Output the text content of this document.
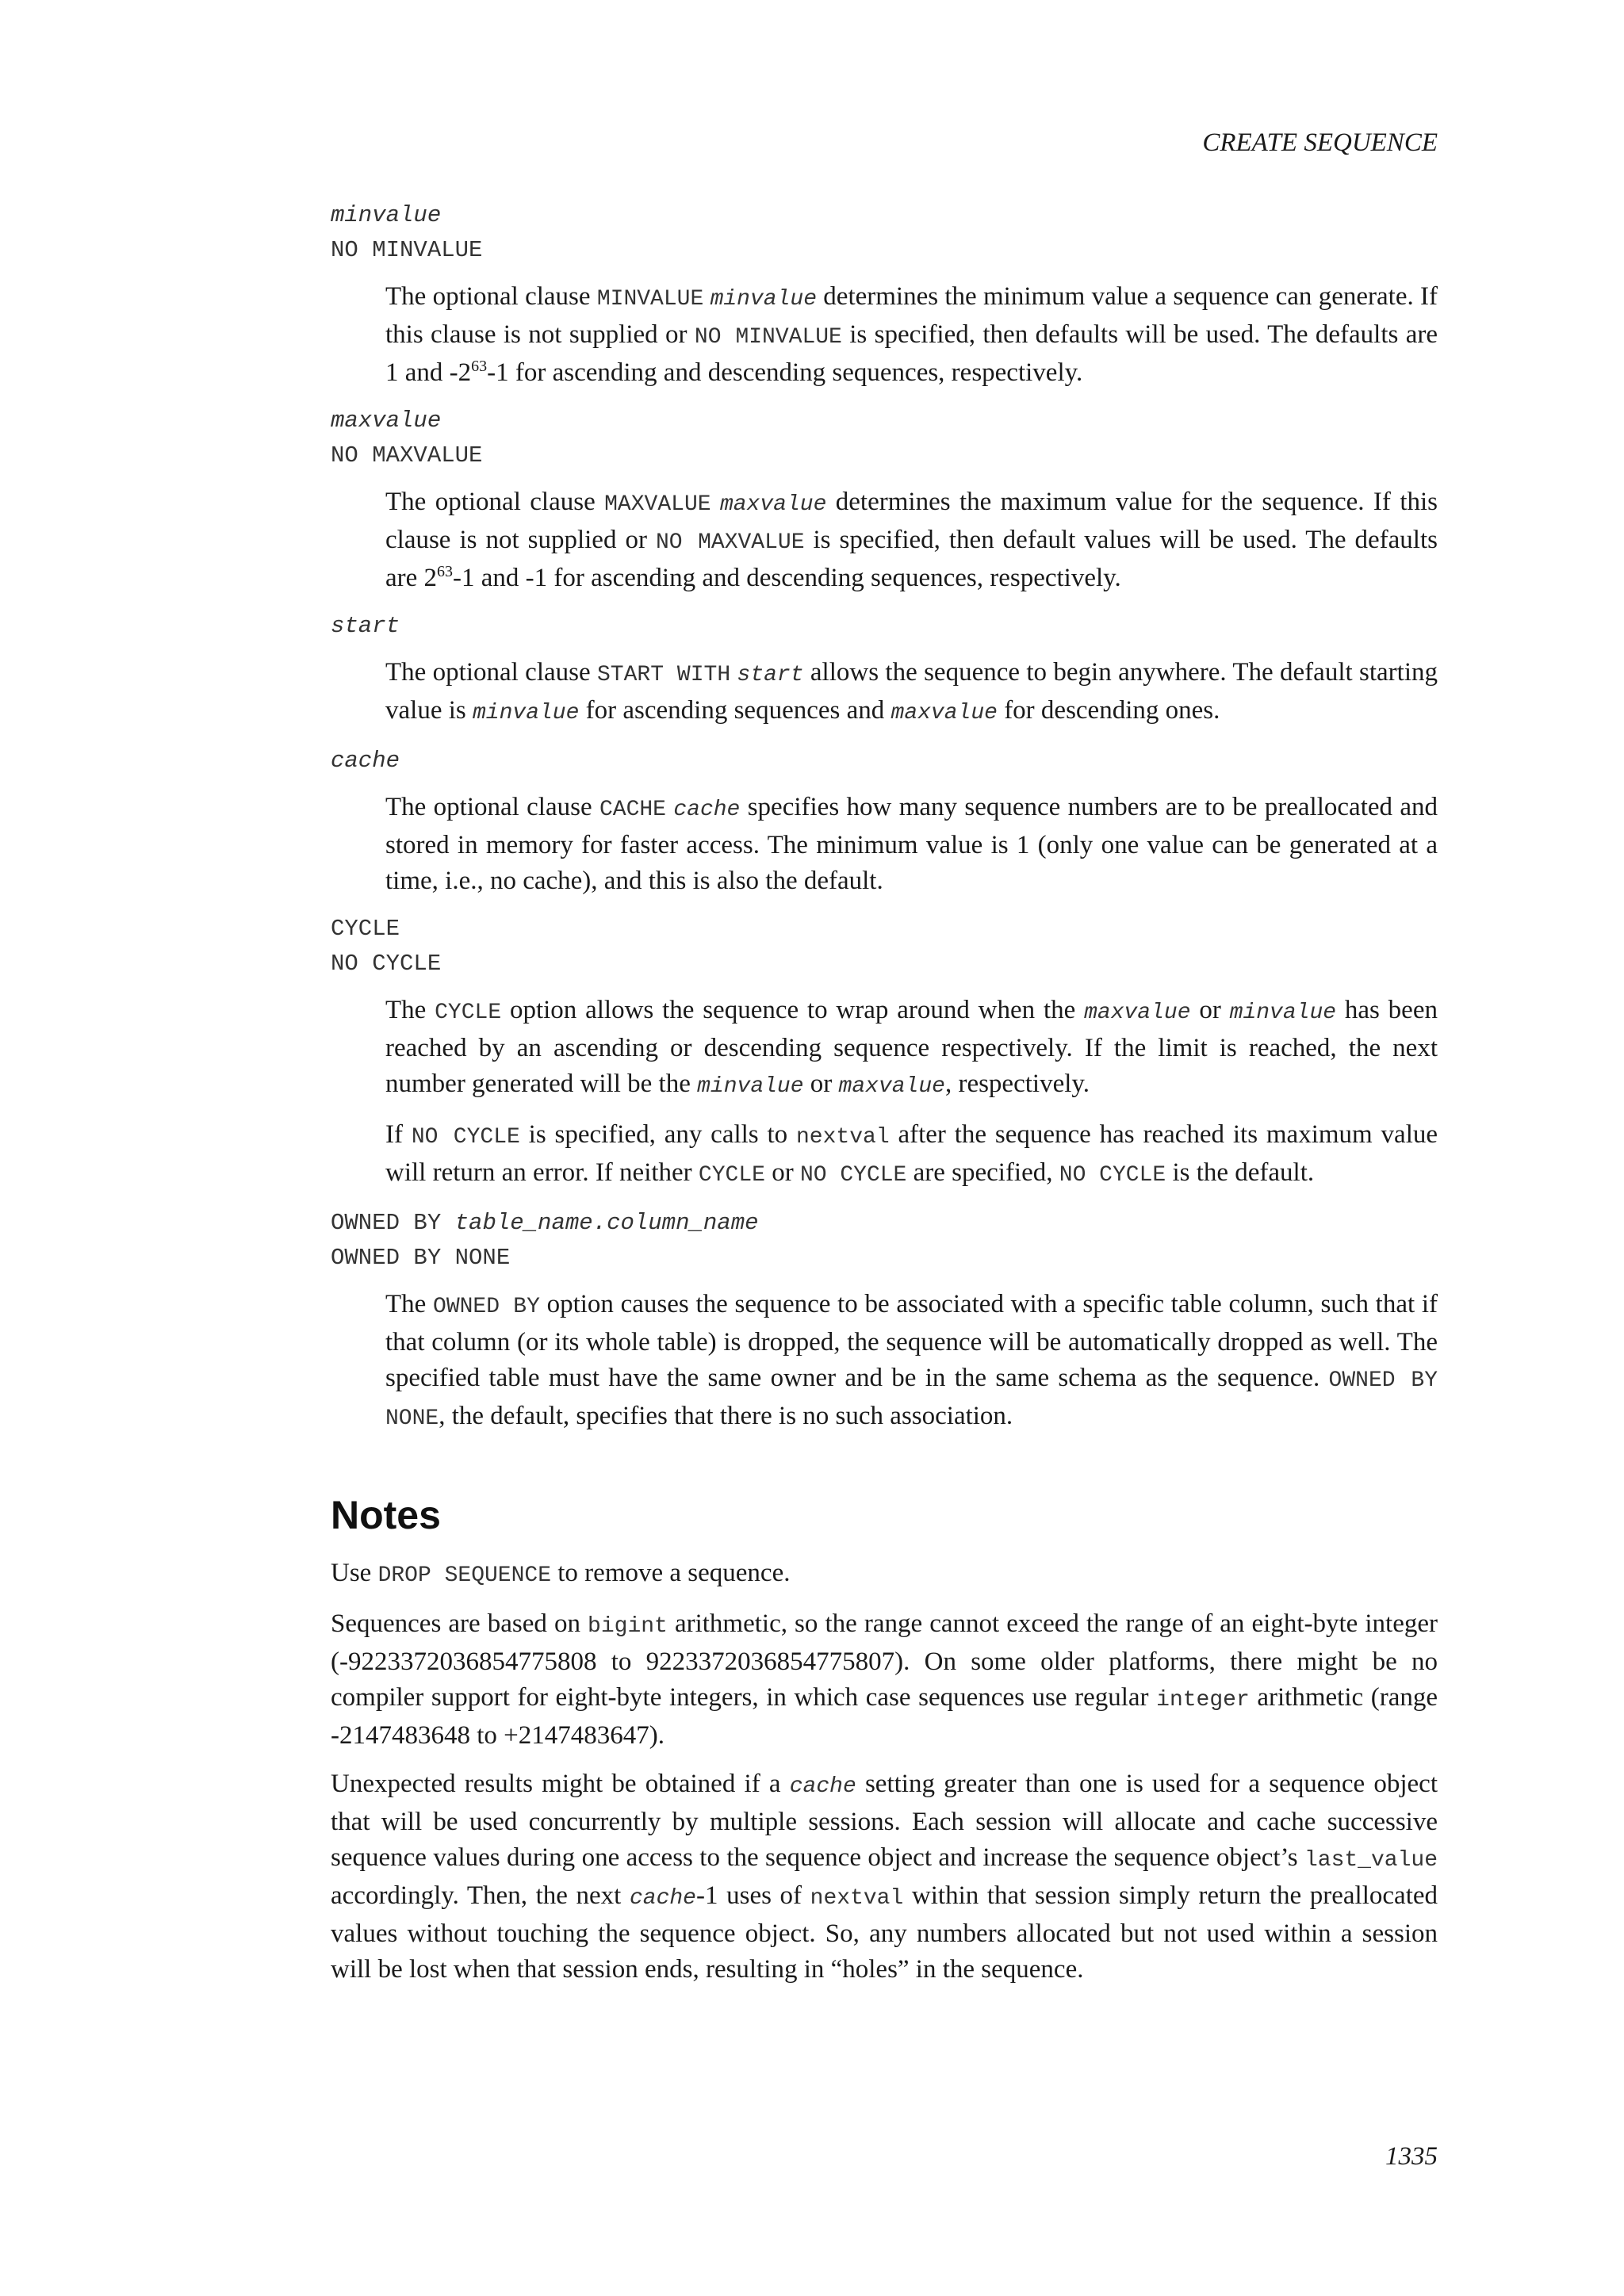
CREATE SEQUENCE

minvalue

NO MINVALUE

The optional clause MINVALUE minvalue determines the minimum value a sequence can generate. If this clause is not supplied or NO MINVALUE is specified, then defaults will be used. The defaults are 1 and $-2^{63}-1$ for ascending and descending sequences, respectively.

maxvalue

NO MAXVALUE

The optional clause MAXVALUE maxvalue determines the maximum value for the sequence. If this clause is not supplied or NO MAXVALUE is specified, then default values will be used. The defaults are $2^{63}-1$ and -1 for ascending and descending sequences, respectively.

start

The optional clause START WITH start allows the sequence to begin anywhere. The default starting value is minvalue for ascending sequences and maxvalue for descending ones.

cache

The optional clause CACHE cache specifies how many sequence numbers are to be preallocated and stored in memory for faster access. The minimum value is 1 (only one value can be generated at a time, i.e., no cache), and this is also the default.

CYCLE

NO CYCLE

The CYCLE option allows the sequence to wrap around when the maxvalue or minvalue has been reached by an ascending or descending sequence respectively. If the limit is reached, the next number generated will be the minvalue or maxvalue, respectively.

If NO CYCLE is specified, any calls to nextval after the sequence has reached its maximum value will return an error. If neither CYCLE or NO CYCLE are specified, NO CYCLE is the default.

OWNED BY table_name.column_name

OWNED BY NONE

The OWNED BY option causes the sequence to be associated with a specific table column, such that if that column (or its whole table) is dropped, the sequence will be automatically dropped as well. The specified table must have the same owner and be in the same schema as the sequence. OWNED BY NONE, the default, specifies that there is no such association.

Notes

Use DROP SEQUENCE to remove a sequence.

Sequences are based on bigint arithmetic, so the range cannot exceed the range of an eight-byte integer (-9223372036854775808 to 9223372036854775807). On some older platforms, there might be no compiler support for eight-byte integers, in which case sequences use regular integer arithmetic (range -2147483648 to +2147483647).

Unexpected results might be obtained if a cache setting greater than one is used for a sequence object that will be used concurrently by multiple sessions. Each session will allocate and cache successive sequence values during one access to the sequence object and increase the sequence object’s last_value accordingly. Then, the next cache-1 uses of nextval within that session simply return the preallocated values without touching the sequence object. So, any numbers allocated but not used within a session will be lost when that session ends, resulting in “holes” in the sequence.

1335
